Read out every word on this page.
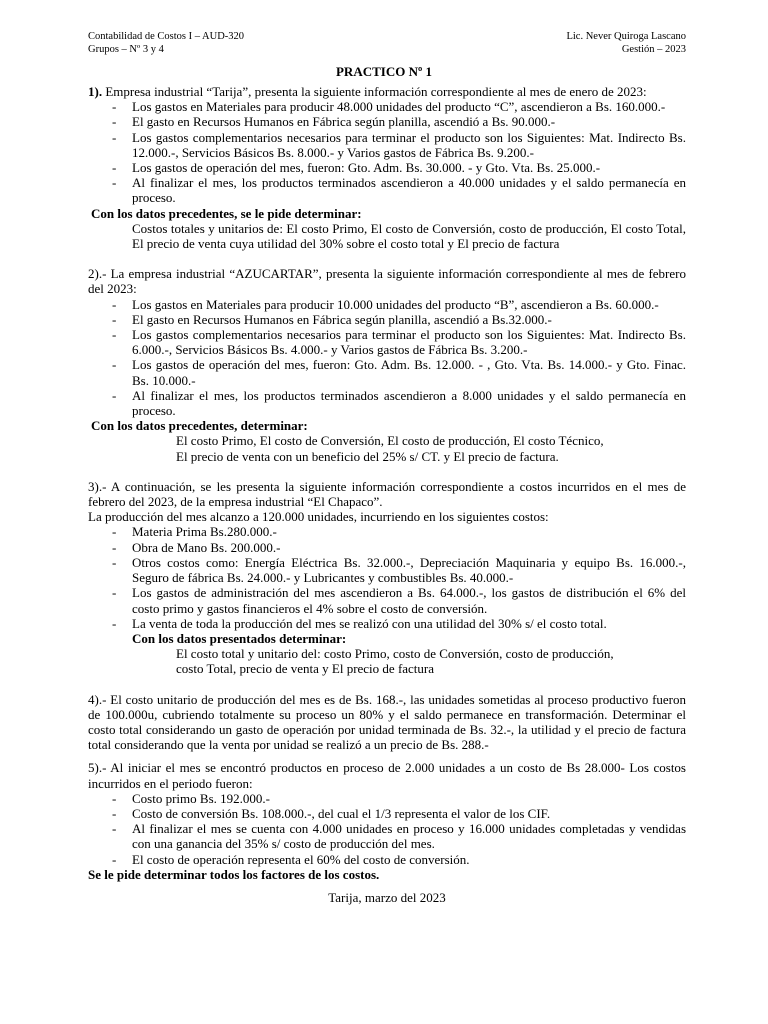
Contabilidad de Costos I – AUD-320	Lic. Never Quiroga Lascano
Grupos – Nº 3 y 4	Gestión – 2023
PRACTICO Nº 1

1). Empresa industrial “Tarija”, presenta la siguiente información correspondiente al mes de enero de 2023:

- Los gastos en Materiales para producir 48.000 unidades del producto “C”, ascendieron a Bs. 160.000.-
- El gasto en Recursos Humanos en Fábrica según planilla, ascendió a Bs. 90.000.-
- Los gastos complementarios necesarios para terminar el producto son los Siguientes: Mat. Indirecto Bs. 12.000.-, Servicios Básicos Bs. 8.000.- y Varios gastos de Fábrica Bs. 9.200.-
- Los gastos de operación del mes, fueron: Gto. Adm. Bs. 30.000. - y Gto. Vta. Bs. 25.000.-
- Al finalizar el mes, los productos terminados ascendieron a 40.000 unidades y el saldo permanecía en proceso.

Con los datos precedentes, se le pide determinar:

Costos totales y unitarios de: El costo Primo, El costo de Conversión, costo de producción, El costo Total, El precio de venta cuya utilidad del 30% sobre el costo total y El precio de factura

2).- La empresa industrial “AZUCARTAR”, presenta la siguiente información correspondiente al mes de febrero del 2023:

- Los gastos en Materiales para producir 10.000 unidades del producto “B”, ascendieron a Bs. 60.000.-
- El gasto en Recursos Humanos en Fábrica según planilla, ascendió a Bs.32.000.-
- Los gastos complementarios necesarios para terminar el producto son los Siguientes: Mat. Indirecto Bs. 6.000.-, Servicios Básicos Bs. 4.000.- y Varios gastos de Fábrica Bs. 3.200.-
- Los gastos de operación del mes, fueron: Gto. Adm. Bs. 12.000. - , Gto. Vta. Bs. 14.000.- y Gto. Finac. Bs. 10.000.-
- Al finalizar el mes, los productos terminados ascendieron a 8.000 unidades y el saldo permanecía en proceso.

Con los datos precedentes, determinar:

El costo Primo, El costo de Conversión, El costo de producción, El costo Técnico,

El precio de venta con un beneficio del 25% s/ CT. y El precio de factura.

3).- A continuación, se les presenta la siguiente información correspondiente a costos incurridos en el mes de febrero del 2023, de la empresa industrial “El Chapaco”.

La producción del mes alcanzo a 120.000 unidades, incurriendo en los siguientes costos:

- Materia Prima Bs.280.000.-
- Obra de Mano Bs. 200.000.-
- Otros costos como: Energía Eléctrica Bs. 32.000.-, Depreciación Maquinaria y equipo Bs. 16.000.-, Seguro de fábrica Bs. 24.000.- y Lubricantes y combustibles Bs. 40.000.-
- Los gastos de administración del mes ascendieron a Bs. 64.000.-, los gastos de distribución el 6% del costo primo y gastos financieros el 4% sobre el costo de conversión.
- La venta de toda la producción del mes se realizó con una utilidad del 30% s/ el costo total.

Con los datos presentados determinar:

El costo total y unitario del: costo Primo, costo de Conversión, costo de producción,

costo Total, precio de venta y El precio de factura

4).- El costo unitario de producción del mes es de Bs. 168.-, las unidades sometidas al proceso productivo fueron de 100.000u, cubriendo totalmente su proceso un 80% y el saldo permanece en transformación. Determinar el costo total considerando un gasto de operación por unidad terminada de Bs. 32.-, la utilidad y el precio de factura total considerando que la venta por unidad se realizó a un precio de Bs. 288.-

5).- Al iniciar el mes se encontró productos en proceso de 2.000 unidades a un costo de Bs 28.000- Los costos incurridos en el periodo fueron:

- Costo primo Bs. 192.000.-
- Costo de conversión Bs. 108.000.-, del cual el 1/3 representa el valor de los CIF.
- Al finalizar el mes se cuenta con 4.000 unidades en proceso y 16.000 unidades completadas y vendidas con una ganancia del 35% s/ costo de producción del mes.
- El costo de operación representa el 60% del costo de conversión.

Se le pide determinar todos los factores de los costos.

Tarija, marzo del 2023
